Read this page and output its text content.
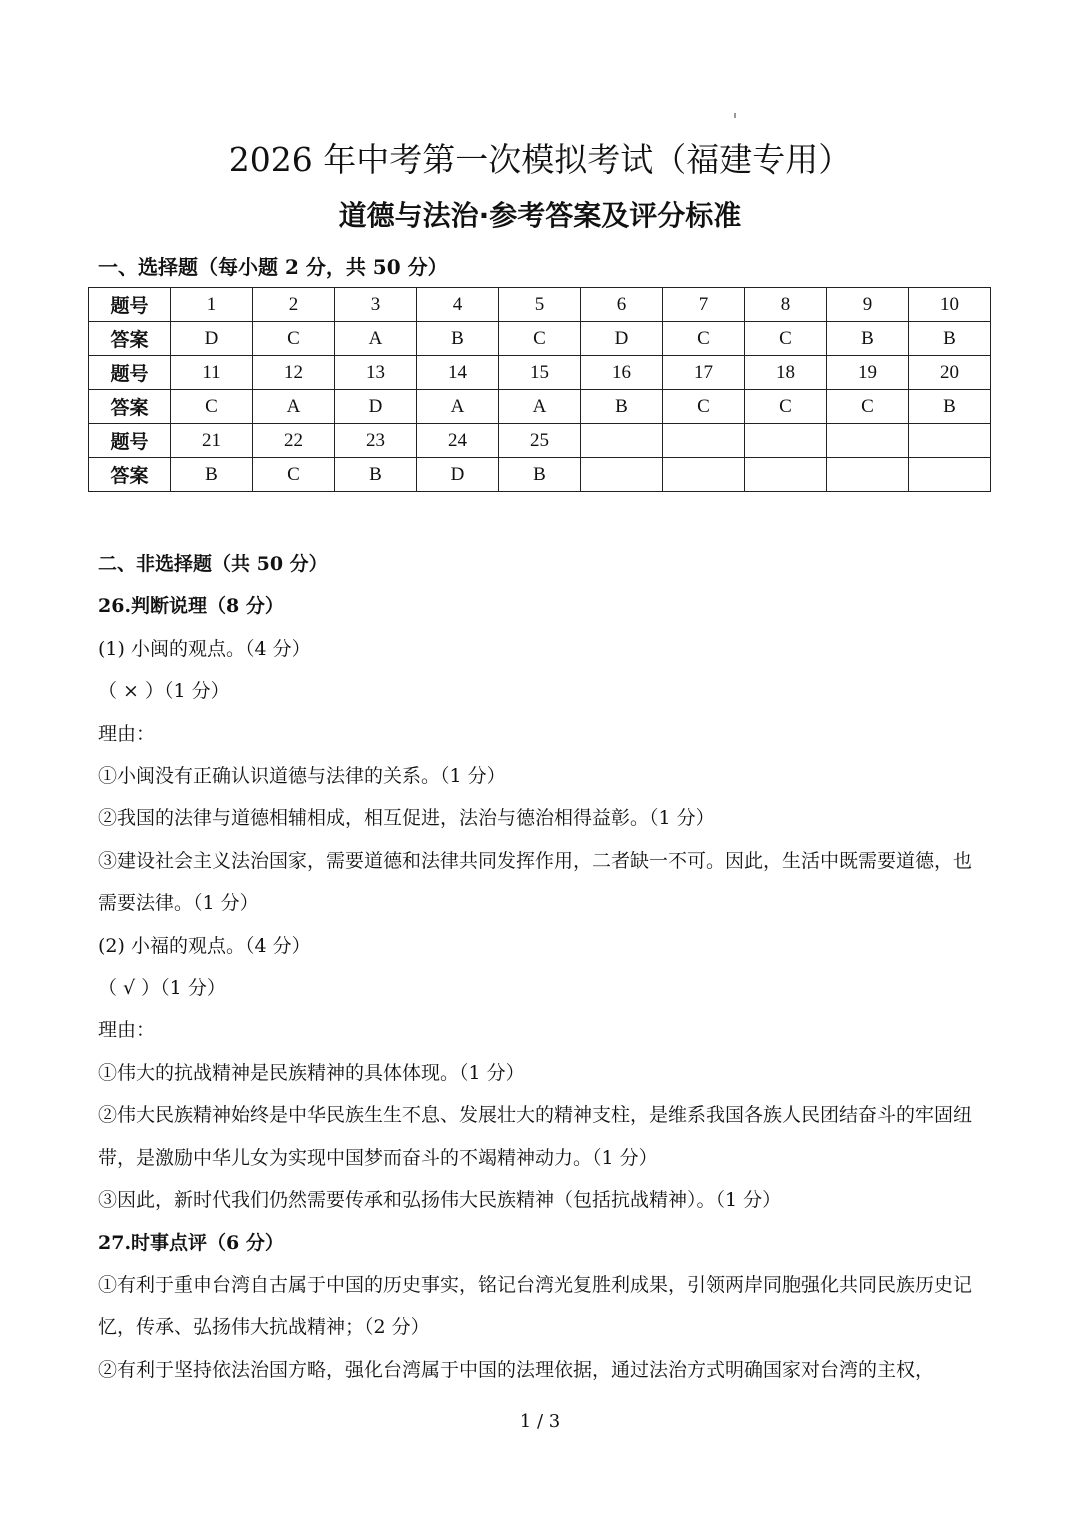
2026 年中考第一次模拟考试（福建专用）
道德与法治·参考答案及评分标准
一、选择题（每小题 2 分，共 50 分）
题号	1	2	3	4	5	6	7	8	9	10
答案	D	C	A	B	C	D	C	C	B	B
题号	11	12	13	14	15	16	17	18	19	20
答案	C	A	D	A	A	B	C	C	C	B
题号	21	22	23	24	25					
答案	B	C	B	D	B					

二、非选择题（共 50 分）

26.判断说理（8 分）

(1) 小闽的观点。（4 分）

（ × ）（1 分）

理由：

①小闽没有正确认识道德与法律的关系。（1 分）

②我国的法律与道德相辅相成，相互促进，法治与德治相得益彰。（1 分）

③建设社会主义法治国家，需要道德和法律共同发挥作用，二者缺一不可。因此，生活中既需要道德，也需要法律。（1 分）

(2) 小福的观点。（4 分）

（ √ ）（1 分）

理由：

①伟大的抗战精神是民族精神的具体体现。（1 分）

②伟大民族精神始终是中华民族生生不息、发展壮大的精神支柱，是维系我国各族人民团结奋斗的牢固纽带，是激励中华儿女为实现中国梦而奋斗的不竭精神动力。（1 分）

③因此，新时代我们仍然需要传承和弘扬伟大民族精神（包括抗战精神）。（1 分）

27.时事点评（6 分）

①有利于重申台湾自古属于中国的历史事实，铭记台湾光复胜利成果，引领两岸同胞强化共同民族历史记忆，传承、弘扬伟大抗战精神；（2 分）

②有利于坚持依法治国方略，强化台湾属于中国的法理依据，通过法治方式明确国家对台湾的主权，

1 / 3
